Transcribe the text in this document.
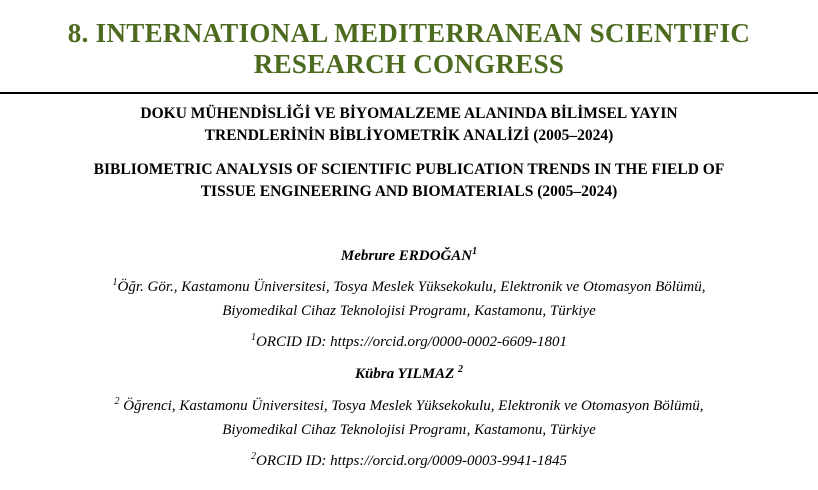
8. INTERNATIONAL MEDITERRANEAN SCIENTIFIC
RESEARCH CONGRESS
DOKU MÜHENDİSLİĞİ VE BİYOMALZEME ALANINDA BİLİMSEL YAYIN
TRENDLERİNİN BİBLİYOMETRİK ANALİZİ (2005–2024)
BIBLIOMETRIC ANALYSIS OF SCIENTIFIC PUBLICATION TRENDS IN THE FIELD OF
TISSUE ENGINEERING AND BIOMATERIALS (2005–2024)
Mebrure ERDOĞAN$^1$
$^1$Öğr. Gör., Kastamonu Üniversitesi, Tosya Meslek Yüksekokulu, Elektronik ve Otomasyon Bölümü,
Biyomedikal Cihaz Teknolojisi Programı, Kastamonu, Türkiye
$^1$ORCID ID: https://orcid.org/0000-0002-6609-1801
Kübra YILMAZ $^2$
$^2$ Öğrenci, Kastamonu Üniversitesi, Tosya Meslek Yüksekokulu, Elektronik ve Otomasyon Bölümü,
Biyomedikal Cihaz Teknolojisi Programı, Kastamonu, Türkiye
$^2$ORCID ID: https://orcid.org/0009-0003-9941-1845
